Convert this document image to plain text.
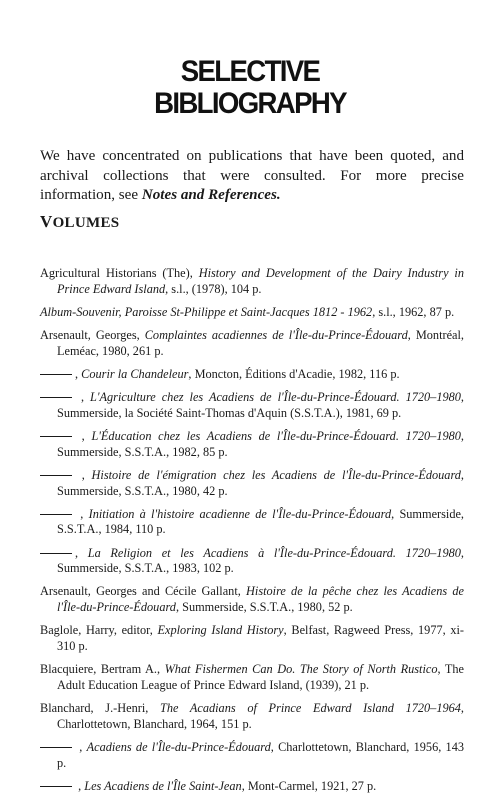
SELECTIVE
BIBLIOGRAPHY

We have concentrated on publications that have been quoted, and archival collections that were consulted. For more precise information, see Notes and References.

VOLUMES

Agricultural Historians (The), History and Development of the Dairy Industry in Prince Edward Island, s.l., (1978), 104 p.

Album-Souvenir, Paroisse St-Philippe et Saint-Jacques 1812 - 1962, s.l., 1962, 87 p.

Arsenault, Georges, Complaintes acadiennes de l'Île-du-Prince-Édouard, Montréal, Leméac, 1980, 261 p.

, Courir la Chandeleur, Moncton, Éditions d'Acadie, 1982, 116 p.

, L'Agriculture chez les Acadiens de l'Île-du-Prince-Édouard. 1720–1980, Summerside, la Société Saint-Thomas d'Aquin (S.S.T.A.), 1981, 69 p.

, L'Éducation chez les Acadiens de l'Île-du-Prince-Édouard. 1720–1980, Summerside, S.S.T.A., 1982, 85 p.

, Histoire de l'émigration chez les Acadiens de l'Île-du-Prince-Édouard, Summerside, S.S.T.A., 1980, 42 p.

, Initiation à l'histoire acadienne de l'Île-du-Prince-Édouard, Summerside, S.S.T.A., 1984, 110 p.

, La Religion et les Acadiens à l'Île-du-Prince-Édouard. 1720–1980, Summerside, S.S.T.A., 1983, 102 p.

Arsenault, Georges and Cécile Gallant, Histoire de la pêche chez les Acadiens de l'Île-du-Prince-Édouard, Summerside, S.S.T.A., 1980, 52 p.

Baglole, Harry, editor, Exploring Island History, Belfast, Ragweed Press, 1977, xi-310 p.

Blacquiere, Bertram A., What Fishermen Can Do. The Story of North Rustico, The Adult Education League of Prince Edward Island, (1939), 21 p.

Blanchard, J.-Henri, The Acadians of Prince Edward Island 1720–1964, Charlottetown, Blanchard, 1964, 151 p.

, Acadiens de l'Île-du-Prince-Édouard, Charlottetown, Blanchard, 1956, 143 p.

, Les Acadiens de l'Île Saint-Jean, Mont-Carmel, 1921, 27 p.
